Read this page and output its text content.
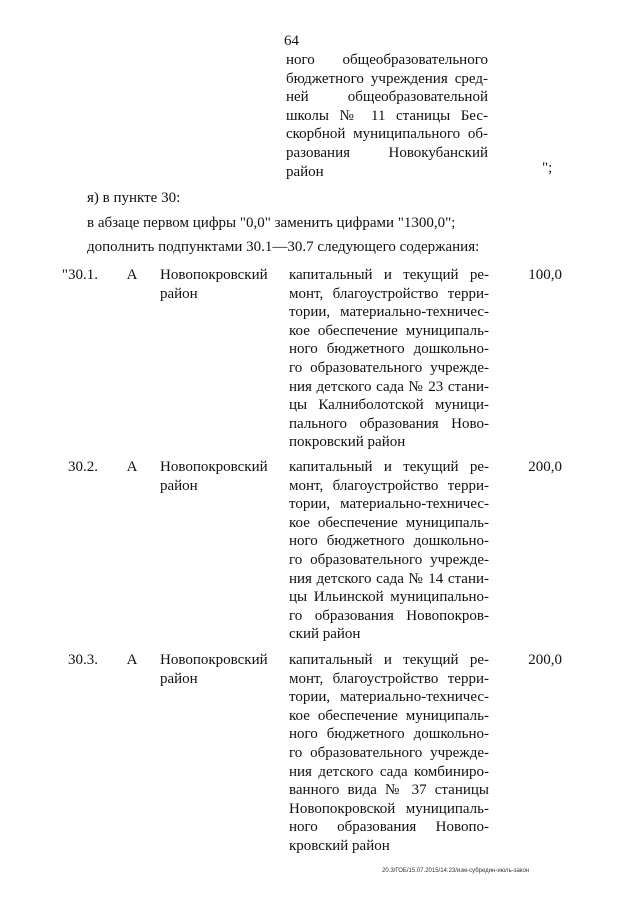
64
ного общеобразовательного
бюджетного учреждения сред-
ней общеобразовательной
школы № 11 станицы Бес-
скорбной муниципального об-
разования Новокубанский
район	";
я) в пункте 30:
в абзаце первом цифры "0,0" заменить цифрами "1300,0";
дополнить подпунктами 30.1—30.7 следующего содержания:
"30.1. А Новопокровский
район
капитальный и текущий ре-
монт, благоустройство терри-
тории, материально-техничес-
кое обеспечение муниципаль-
ного бюджетного дошкольно-
го образовательного учрежде-
ния детского сада № 23 стани-
цы Калниболотской муници-
пального образования Ново-
покровский район
100,0
30.2. А Новопокровский
район
капитальный и текущий ре-
монт, благоустройство терри-
тории, материально-техничес-
кое обеспечение муниципаль-
ного бюджетного дошкольно-
го образовательного учрежде-
ния детского сада № 14 стани-
цы Ильинской муниципально-
го образования Новопокров-
ский район
200,0
30.3. А Новопокровский
район
капитальный и текущий ре-
монт, благоустройство терри-
тории, материально-техничес-
кое обеспечение муниципаль-
ного бюджетного дошкольно-
го образовательного учрежде-
ния детского сада комбиниро-
ванного вида № 37 станицы
Новопокровской муниципаль-
ного образования Новопо-
кровский район
200,0
20.3/ГОБ/15.07.2015/14:23/изм-субредин-июль-закон
